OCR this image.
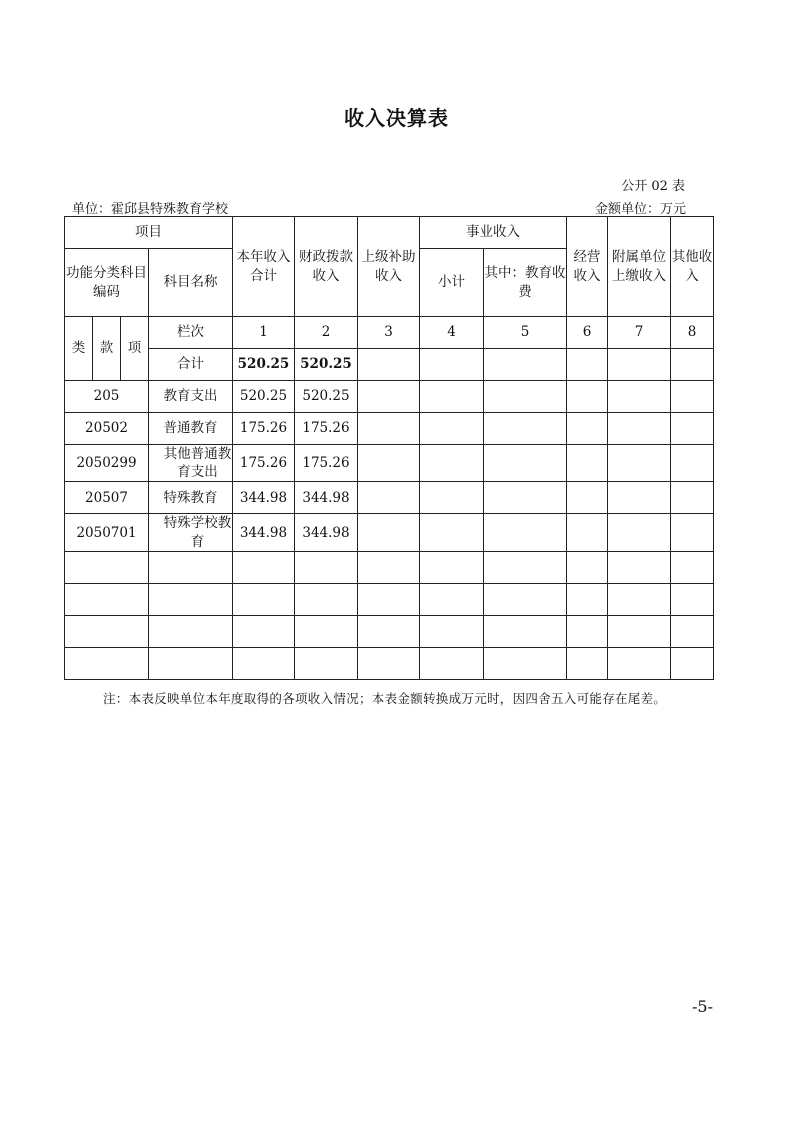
收入决算表
公开 02 表
单位：霍邱县特殊教育学校	金额单位：万元
项目				本年收入合计	财政拨款收入	上级补助收入	事业收入		经营收入	附属单位上缴收入	其他收入
功能分类科目编码			科目名称				小计	其中：教育收费			

类	款	项	栏次	1	2	3	4	5	6	7	8
			合计	520.25	520.25						
205			教育支出	520.25	520.25						
20502			普通教育	175.26	175.26						
2050299			其他普通教育支出	175.26	175.26						
20507			特殊教育	344.98	344.98						
2050701			特殊学校教育	344.98	344.98						

注：本表反映单位本年度取得的各项收入情况；本表金额转换成万元时，因四舍五入可能存在尾差。
-5-
